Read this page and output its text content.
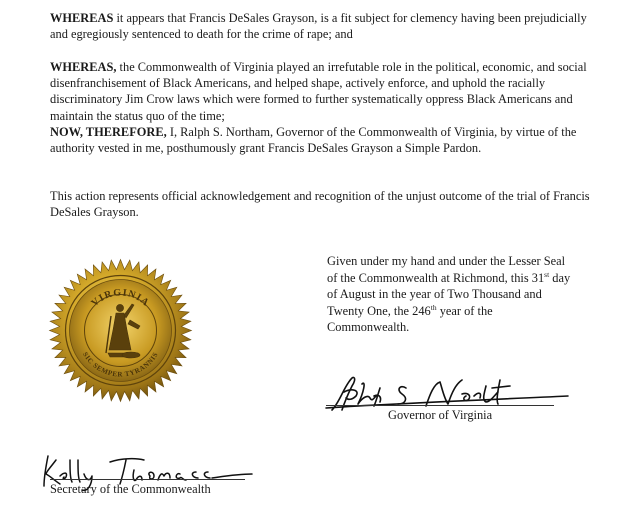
WHEREAS it appears that Francis DeSales Grayson, is a fit subject for clemency having been prejudicially and egregiously sentenced to death for the crime of rape; and

WHEREAS, the Commonwealth of Virginia played an irrefutable role in the political, economic, and social disenfranchisement of Black Americans, and helped shape, actively enforce, and uphold the racially discriminatory Jim Crow laws which were formed to further systematically oppress Black Americans and maintain the status quo of the time;

NOW, THEREFORE, I, Ralph S. Northam, Governor of the Commonwealth of Virginia, by virtue of the authority vested in me, posthumously grant Francis DeSales Grayson a Simple Pardon.

This action represents official acknowledgement and recognition of the unjust outcome of the trial of Francis DeSales Grayson.

Given under my hand and under the Lesser Seal of the Commonwealth at Richmond, this 31st day of August in the year of Two Thousand and Twenty One, the 246th year of the Commonwealth.

VIRGINIA
SIC SEMPER TYRANNIS

Governor of Virginia

Secretary of the Commonwealth
